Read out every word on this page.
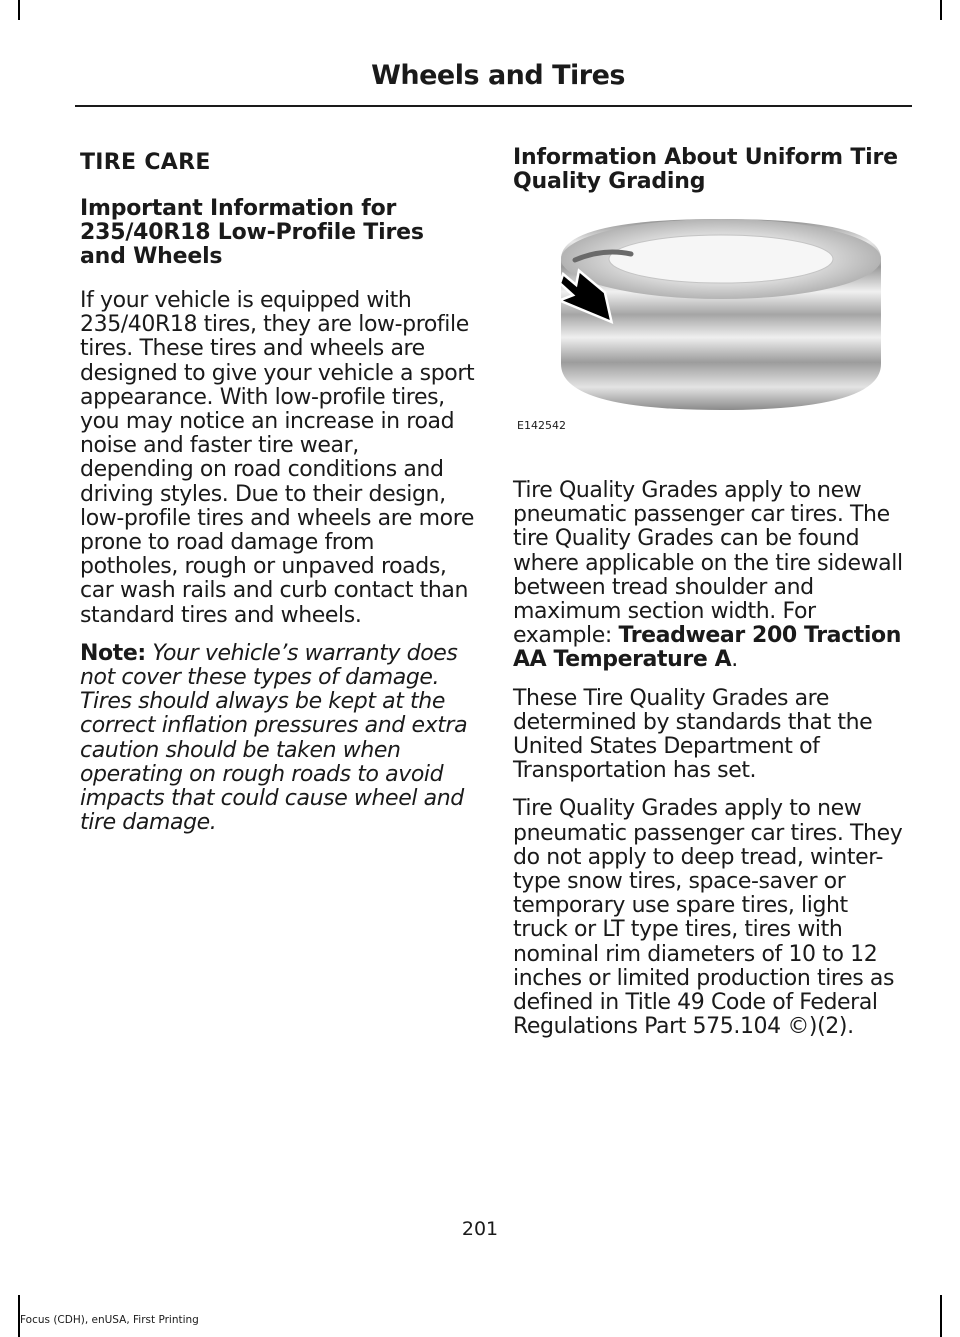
Wheels and Tires
TIRE CARE
Important Information for 235/40R18 Low-Profile Tires and Wheels

If your vehicle is equipped with 235/40R18 tires, they are low-profile tires. These tires and wheels are designed to give your vehicle a sport appearance. With low-profile tires, you may notice an increase in road noise and faster tire wear, depending on road conditions and driving styles. Due to their design, low-profile tires and wheels are more prone to road damage from potholes, rough or unpaved roads, car wash rails and curb contact than standard tires and wheels.

Note: Your vehicle’s warranty does not cover these types of damage. Tires should always be kept at the correct inflation pressures and extra caution should be taken when operating on rough roads to avoid impacts that could cause wheel and tire damage.

Information About Uniform Tire Quality Grading
E142542

Tire Quality Grades apply to new pneumatic passenger car tires. The tire Quality Grades can be found where applicable on the tire sidewall between tread shoulder and maximum section width. For example: Treadwear 200 Traction AA Temperature A.

These Tire Quality Grades are determined by standards that the United States Department of Transportation has set.

Tire Quality Grades apply to new pneumatic passenger car tires. They do not apply to deep tread, winter-type snow tires, space-saver or temporary use spare tires, light truck or LT type tires, tires with nominal rim diameters of 10 to 12 inches or limited production tires as defined in Title 49 Code of Federal Regulations Part 575.104 ©)(2).

201
Focus (CDH), enUSA, First Printing
